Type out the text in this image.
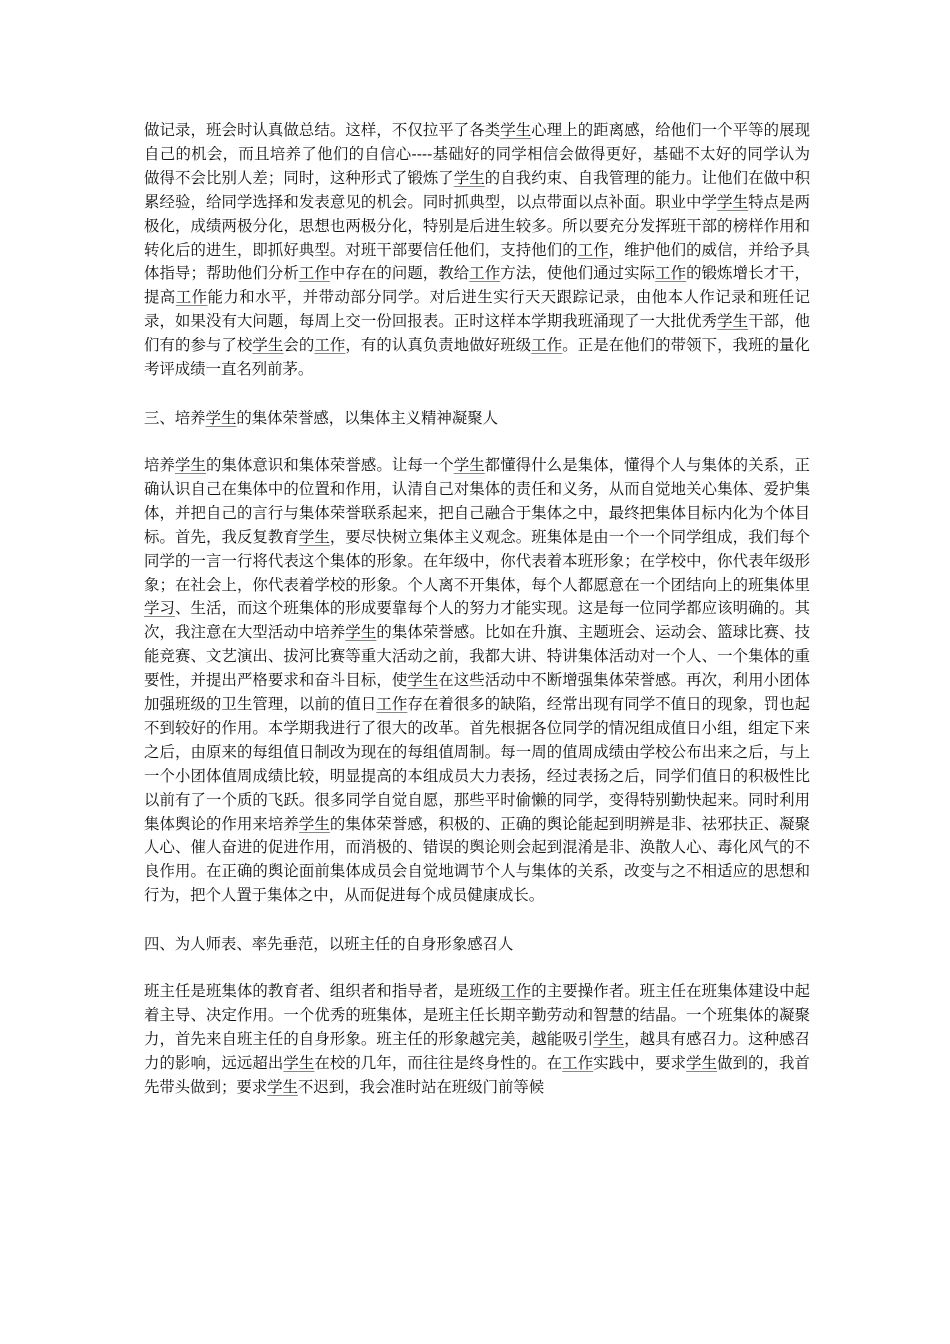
做记录，班会时认真做总结。这样，不仅拉平了各类学生心理上的距离感，给他们一个平等的展现自己的机会，而且培养了他们的自信心----基础好的同学相信会做得更好，基础不太好的同学认为做得不会比别人差；同时，这种形式了锻炼了学生的自我约束、自我管理的能力。让他们在做中积累经验，给同学选择和发表意见的机会。同时抓典型，以点带面以点补面。职业中学学生特点是两极化，成绩两极分化，思想也两极分化，特别是后进生较多。所以要充分发挥班干部的榜样作用和转化后的进生，即抓好典型。对班干部要信任他们，支持他们的工作，维护他们的威信，并给予具体指导；帮助他们分析工作中存在的问题，教给工作方法，使他们通过实际工作的锻炼增长才干，提高工作能力和水平，并带动部分同学。对后进生实行天天跟踪记录，由他本人作记录和班任记录，如果没有大问题，每周上交一份回报表。正时这样本学期我班涌现了一大批优秀学生干部，他们有的参与了校学生会的工作，有的认真负责地做好班级工作。正是在他们的带领下，我班的量化考评成绩一直名列前茅。

三、培养学生的集体荣誉感，以集体主义精神凝聚人

培养学生的集体意识和集体荣誉感。让每一个学生都懂得什么是集体，懂得个人与集体的关系，正确认识自己在集体中的位置和作用，认清自己对集体的责任和义务，从而自觉地关心集体、爱护集体，并把自己的言行与集体荣誉联系起来，把自己融合于集体之中，最终把集体目标内化为个体目标。首先，我反复教育学生，要尽快树立集体主义观念。班集体是由一个一个同学组成，我们每个同学的一言一行将代表这个集体的形象。在年级中，你代表着本班形象；在学校中，你代表年级形象；在社会上，你代表着学校的形象。个人离不开集体，每个人都愿意在一个团结向上的班集体里学习、生活，而这个班集体的形成要靠每个人的努力才能实现。这是每一位同学都应该明确的。其次，我注意在大型活动中培养学生的集体荣誉感。比如在升旗、主题班会、运动会、篮球比赛、技能竞赛、文艺演出、拔河比赛等重大活动之前，我都大讲、特讲集体活动对一个人、一个集体的重要性，并提出严格要求和奋斗目标，使学生在这些活动中不断增强集体荣誉感。再次，利用小团体加强班级的卫生管理，以前的值日工作存在着很多的缺陷，经常出现有同学不值日的现象，罚也起不到较好的作用。本学期我进行了很大的改革。首先根据各位同学的情况组成值日小组，组定下来之后，由原来的每组值日制改为现在的每组值周制。每一周的值周成绩由学校公布出来之后，与上一个小团体值周成绩比较，明显提高的本组成员大力表扬，经过表扬之后，同学们值日的积极性比以前有了一个质的飞跃。很多同学自觉自愿，那些平时偷懒的同学，变得特别勤快起来。同时利用集体舆论的作用来培养学生的集体荣誉感，积极的、正确的舆论能起到明辨是非、祛邪扶正、凝聚人心、催人奋进的促进作用，而消极的、错误的舆论则会起到混淆是非、涣散人心、毒化风气的不良作用。在正确的舆论面前集体成员会自觉地调节个人与集体的关系，改变与之不相适应的思想和行为，把个人置于集体之中，从而促进每个成员健康成长。

四、为人师表、率先垂范，以班主任的自身形象感召人

班主任是班集体的教育者、组织者和指导者，是班级工作的主要操作者。班主任在班集体建设中起着主导、决定作用。一个优秀的班集体，是班主任长期辛勤劳动和智慧的结晶。一个班集体的凝聚力，首先来自班主任的自身形象。班主任的形象越完美，越能吸引学生，越具有感召力。这种感召力的影响，远远超出学生在校的几年，而往往是终身性的。在工作实践中，要求学生做到的，我首先带头做到；要求学生不迟到，我会准时站在班级门前等候
